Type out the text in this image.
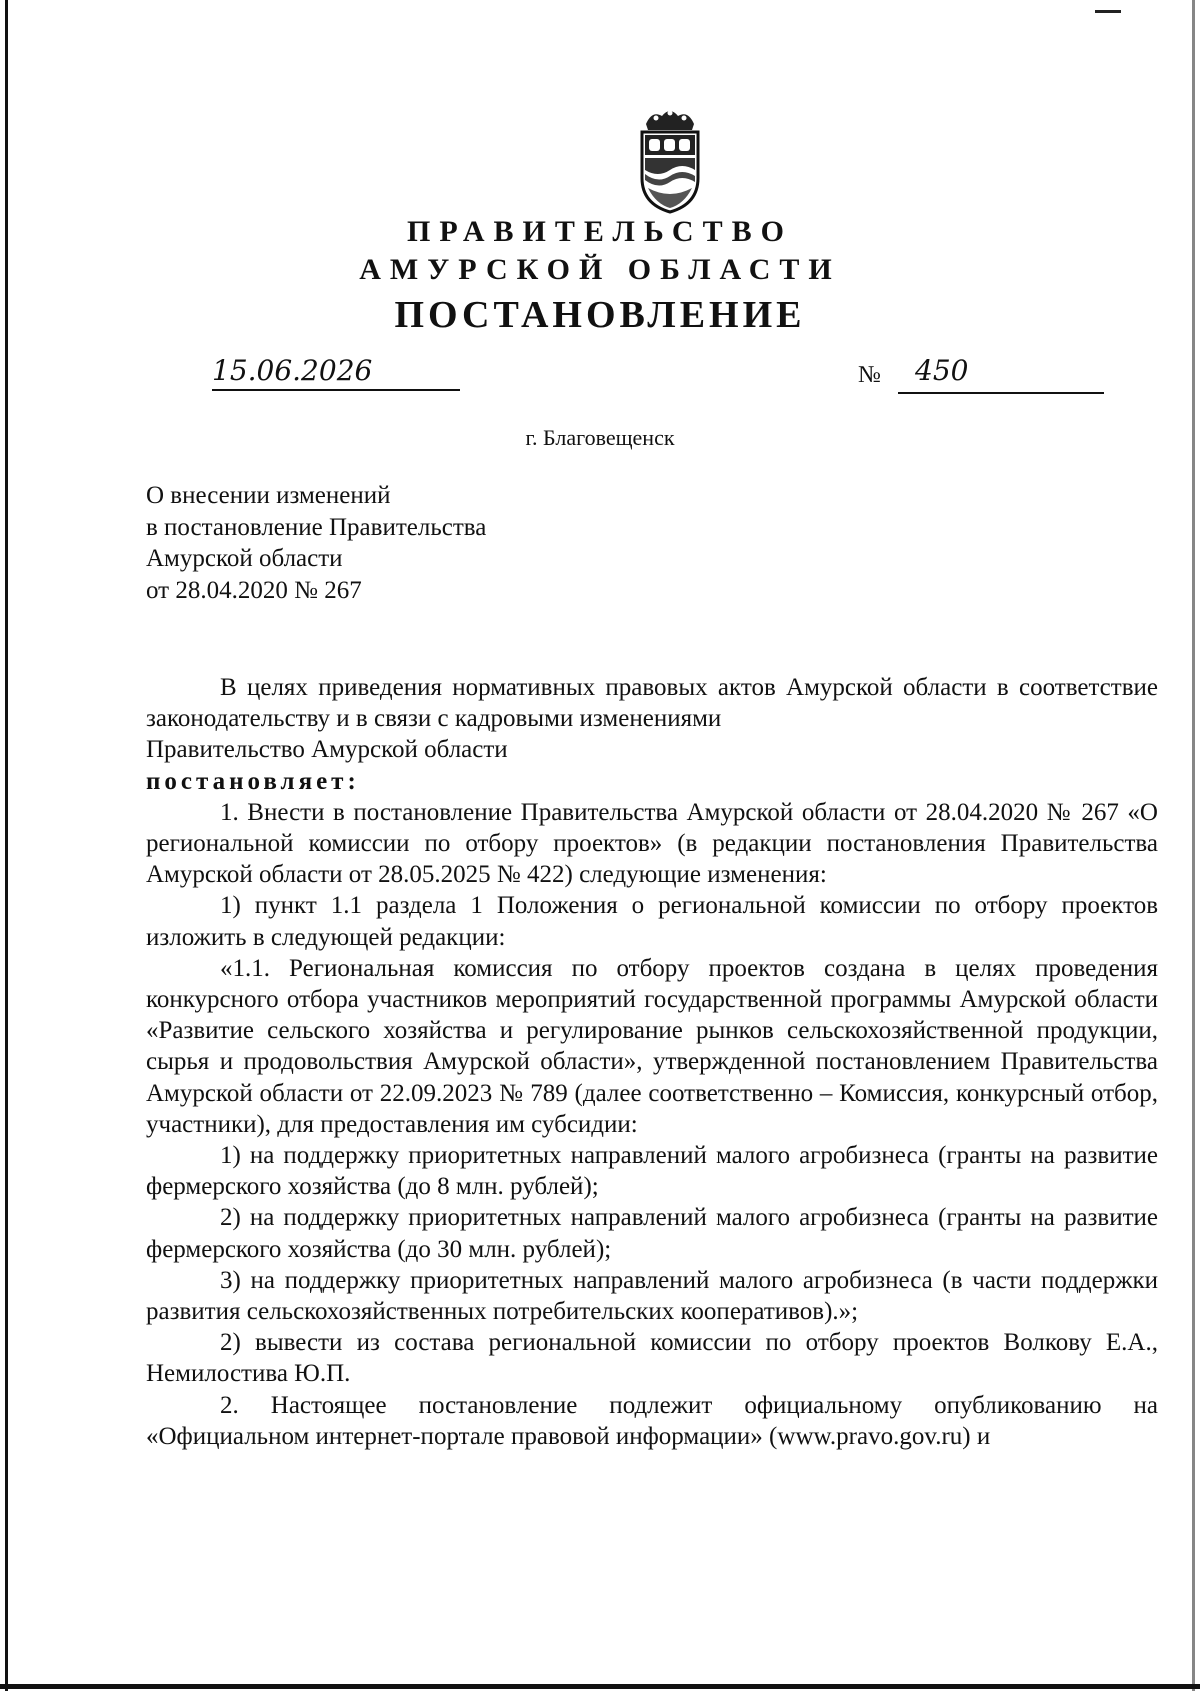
ПРАВИТЕЛЬСТВО
АМУРСКОЙ ОБЛАСТИ
ПОСТАНОВЛЕНИЕ
15.06.2026	№ 450
г. Благовещенск
О внесении изменений
в постановление Правительства
Амурской области
от 28.04.2020 № 267

В целях приведения нормативных правовых актов Амурской области в соответствие законодательству и в связи с кадровыми изменениями

Правительство Амурской области

постановляет:

1. Внести в постановление Правительства Амурской области от 28.04.2020 № 267 «О региональной комиссии по отбору проектов» (в редакции постановления Правительства Амурской области от 28.05.2025 № 422) следующие изменения:

1) пункт 1.1 раздела 1 Положения о региональной комиссии по отбору проектов изложить в следующей редакции:

«1.1. Региональная комиссия по отбору проектов создана в целях проведения конкурсного отбора участников мероприятий государственной программы Амурской области «Развитие сельского хозяйства и регулирование рынков сельскохозяйственной продукции, сырья и продовольствия Амурской области», утвержденной постановлением Правительства Амурской области от 22.09.2023 № 789 (далее соответственно – Комиссия, конкурсный отбор, участники), для предоставления им субсидии:

1) на поддержку приоритетных направлений малого агробизнеса (гранты на развитие фермерского хозяйства (до 8 млн. рублей);

2) на поддержку приоритетных направлений малого агробизнеса (гранты на развитие фермерского хозяйства (до 30 млн. рублей);

3) на поддержку приоритетных направлений малого агробизнеса (в части поддержки развития сельскохозяйственных потребительских кооперативов).»;

2) вывести из состава региональной комиссии по отбору проектов Волкову Е.А., Немилостива Ю.П.

2. Настоящее постановление подлежит официальному опубликованию на «Официальном интернет-портале правовой информации» (www.pravo.gov.ru) и
